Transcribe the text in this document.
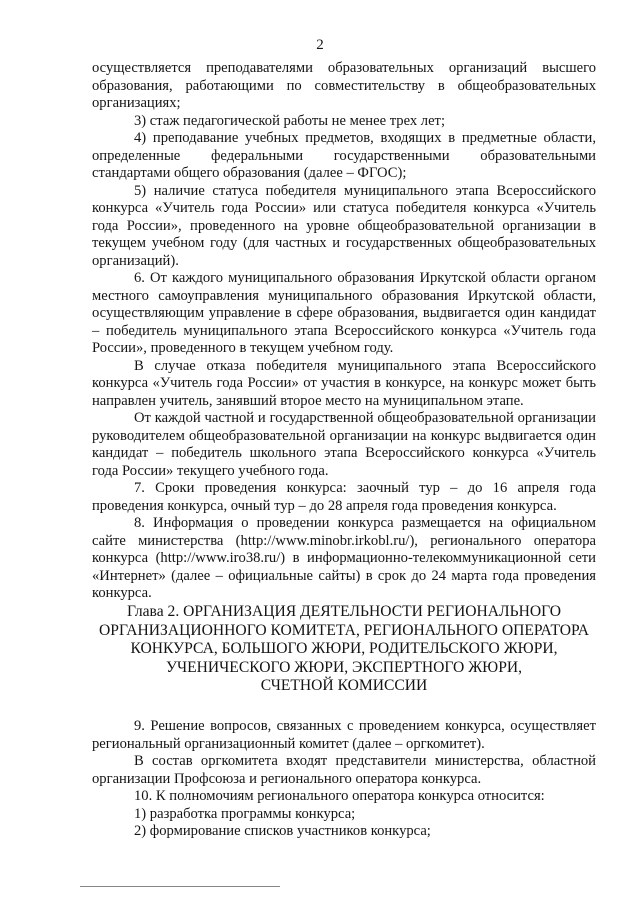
2

осуществляется преподавателями образовательных организаций высшего образования, работающими по совместительству в общеобразовательных организациях;

3) стаж педагогической работы не менее трех лет;

4) преподавание учебных предметов, входящих в предметные области, определенные федеральными государственными образовательными стандартами общего образования (далее – ФГОС);

5) наличие статуса победителя муниципального этапа Всероссийского конкурса «Учитель года России» или статуса победителя конкурса «Учитель года России», проведенного на уровне общеобразовательной организации в текущем учебном году (для частных и государственных общеобразовательных организаций).

6. От каждого муниципального образования Иркутской области органом местного самоуправления муниципального образования Иркутской области, осуществляющим управление в сфере образования, выдвигается один кандидат – победитель муниципального этапа Всероссийского конкурса «Учитель года России», проведенного в текущем учебном году.

В случае отказа победителя муниципального этапа Всероссийского конкурса «Учитель года России» от участия в конкурсе, на конкурс может быть направлен учитель, занявший второе место на муниципальном этапе.

От каждой частной и государственной общеобразовательной организации руководителем общеобразовательной организации на конкурс выдвигается один кандидат – победитель школьного этапа Всероссийского конкурса «Учитель года России» текущего учебного года.

7. Сроки проведения конкурса: заочный тур – до 16 апреля года проведения конкурса, очный тур – до 28 апреля года проведения конкурса.

8. Информация о проведении конкурса размещается на официальном сайте министерства (http://www.minobr.irkobl.ru/), регионального оператора конкурса (http://www.iro38.ru/) в информационно-телекоммуникационной сети «Интернет» (далее – официальные сайты) в срок до 24 марта года проведения конкурса.

Глава 2. ОРГАНИЗАЦИЯ ДЕЯТЕЛЬНОСТИ РЕГИОНАЛЬНОГО
ОРГАНИЗАЦИОННОГО КОМИТЕТА, РЕГИОНАЛЬНОГО ОПЕРАТОРА
КОНКУРСА, БОЛЬШОГО ЖЮРИ, РОДИТЕЛЬСКОГО ЖЮРИ,
УЧЕНИЧЕСКОГО ЖЮРИ, ЭКСПЕРТНОГО ЖЮРИ,
СЧЕТНОЙ КОМИССИИ

9. Решение вопросов, связанных с проведением конкурса, осуществляет региональный организационный комитет (далее – оргкомитет).

В состав оргкомитета входят представители министерства, областной организации Профсоюза и регионального оператора конкурса.

10. К полномочиям регионального оператора конкурса относится:

1) разработка программы конкурса;

2) формирование списков участников конкурса;
